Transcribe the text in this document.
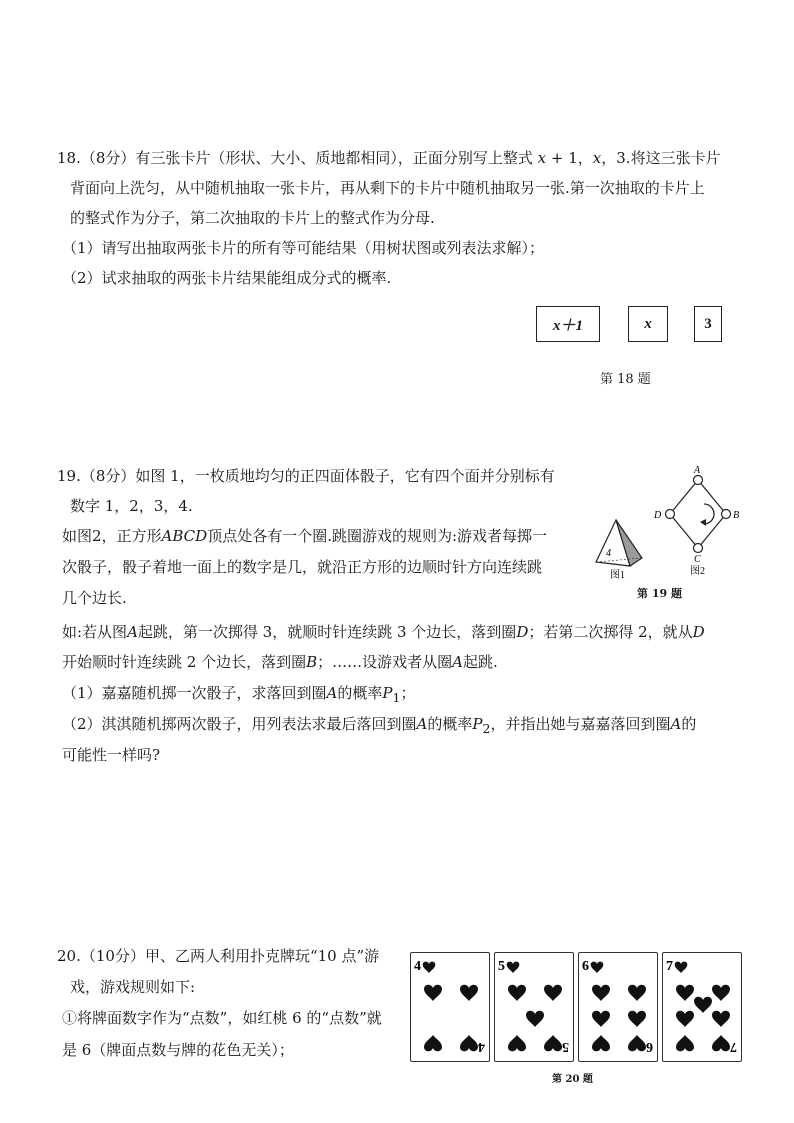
18.（8分）有三张卡片（形状、大小、质地都相同），正面分别写上整式 x + 1，x，3.将这三张卡片
背面向上洗匀，从中随机抽取一张卡片，再从剩下的卡片中随机抽取另一张.第一次抽取的卡片上
的整式作为分子，第二次抽取的卡片上的整式作为分母.
（1）请写出抽取两张卡片的所有等可能结果（用树状图或列表法求解）；
（2）试求抽取的两张卡片结果能组成分式的概率.
x＋1	x	3
第 18 题
19.（8分）如图 1，一枚质地均匀的正四面体骰子，它有四个面并分别标有
数字 1，2，3，4.
如图2，正方形ABCD顶点处各有一个圈.跳圈游戏的规则为:游戏者每掷一
次骰子，骰子着地一面上的数字是几，就沿正方形的边顺时针方向连续跳
几个边长.
如:若从图A起跳，第一次掷得 3，就顺时针连续跳 3 个边长，落到圈D；若第二次掷得 2，就从D
开始顺时针连续跳 2 个边长，落到圈B；……设游戏者从圈A起跳.
（1）嘉嘉随机掷一次骰子，求落回到圈A的概率$P_1$；
（2）淇淇随机掷两次骰子，用列表法求最后落回到圈A的概率$P_2$，并指出她与嘉嘉落回到圈A的
可能性一样吗?
4
图1
A
B
C
D
图2
第 19 题
20.（10分）甲、乙两人利用扑克牌玩“10 点”游
戏，游戏规则如下:
①将牌面数字作为“点数”，如红桃 6 的“点数”就
是 6（牌面点数与牌的花色无关）；
4
4
5
5
6
6
7
7
第 20 题
